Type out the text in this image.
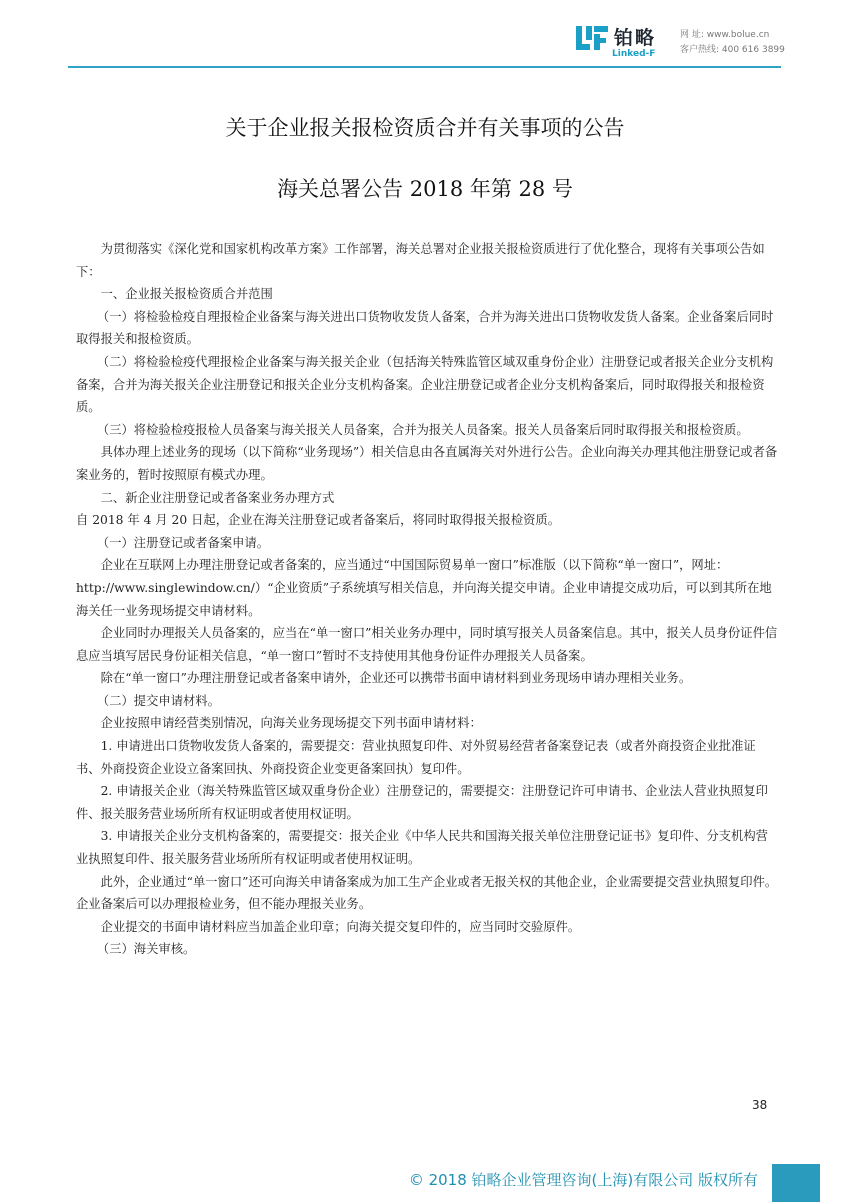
铂略
Linked-F
网 址: www.bolue.cn
客户热线: 400 616 3899
关于企业报关报检资质合并有关事项的公告
海关总署公告 2018 年第 28 号

为贯彻落实《深化党和国家机构改革方案》工作部署，海关总署对企业报关报检资质进行了优化整合，现将有关事项公告如下：

一、企业报关报检资质合并范围

（一）将检验检疫自理报检企业备案与海关进出口货物收发货人备案，合并为海关进出口货物收发货人备案。企业备案后同时取得报关和报检资质。

（二）将检验检疫代理报检企业备案与海关报关企业（包括海关特殊监管区域双重身份企业）注册登记或者报关企业分支机构备案，合并为海关报关企业注册登记和报关企业分支机构备案。企业注册登记或者企业分支机构备案后，同时取得报关和报检资质。

（三）将检验检疫报检人员备案与海关报关人员备案，合并为报关人员备案。报关人员备案后同时取得报关和报检资质。

具体办理上述业务的现场（以下简称“业务现场”）相关信息由各直属海关对外进行公告。企业向海关办理其他注册登记或者备案业务的，暂时按照原有模式办理。

二、新企业注册登记或者备案业务办理方式

自 2018 年 4 月 20 日起，企业在海关注册登记或者备案后，将同时取得报关报检资质。

（一）注册登记或者备案申请。

企业在互联网上办理注册登记或者备案的，应当通过“中国国际贸易单一窗口”标准版（以下简称“单一窗口”，网址：http://www.singlewindow.cn/）“企业资质”子系统填写相关信息，并向海关提交申请。企业申请提交成功后，可以到其所在地海关任一业务现场提交申请材料。

企业同时办理报关人员备案的，应当在“单一窗口”相关业务办理中，同时填写报关人员备案信息。其中，报关人员身份证件信息应当填写居民身份证相关信息，“单一窗口”暂时不支持使用其他身份证件办理报关人员备案。

除在“单一窗口”办理注册登记或者备案申请外，企业还可以携带书面申请材料到业务现场申请办理相关业务。

（二）提交申请材料。

企业按照申请经营类别情况，向海关业务现场提交下列书面申请材料：

1. 申请进出口货物收发货人备案的，需要提交：营业执照复印件、对外贸易经营者备案登记表（或者外商投资企业批准证书、外商投资企业设立备案回执、外商投资企业变更备案回执）复印件。

2. 申请报关企业（海关特殊监管区域双重身份企业）注册登记的，需要提交：注册登记许可申请书、企业法人营业执照复印件、报关服务营业场所所有权证明或者使用权证明。

3. 申请报关企业分支机构备案的，需要提交：报关企业《中华人民共和国海关报关单位注册登记证书》复印件、分支机构营业执照复印件、报关服务营业场所所有权证明或者使用权证明。

此外，企业通过“单一窗口”还可向海关申请备案成为加工生产企业或者无报关权的其他企业，企业需要提交营业执照复印件。企业备案后可以办理报检业务，但不能办理报关业务。

企业提交的书面申请材料应当加盖企业印章；向海关提交复印件的，应当同时交验原件。

（三）海关审核。

38
© 2018 铂略企业管理咨询(上海)有限公司 版权所有
